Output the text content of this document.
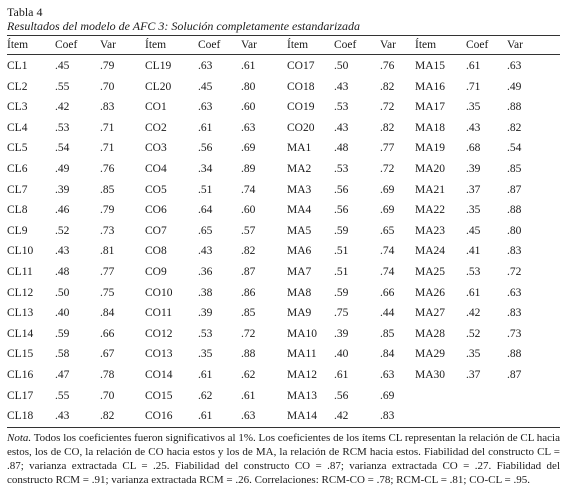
Tabla 4
Resultados del modelo de AFC 3: Solución completamente estandarizada
Ítem	Coef	Var	Ítem	Coef	Var	Ítem	Coef	Var	Ítem	Coef	Var
CL1	.45	.79	CL19	.63	.61	CO17	.50	.76	MA15	.61	.63
CL2	.55	.70	CL20	.45	.80	CO18	.43	.82	MA16	.71	.49
CL3	.42	.83	CO1	.63	.60	CO19	.53	.72	MA17	.35	.88
CL4	.53	.71	CO2	.61	.63	CO20	.43	.82	MA18	.43	.82
CL5	.54	.71	CO3	.56	.69	MA1	.48	.77	MA19	.68	.54
CL6	.49	.76	CO4	.34	.89	MA2	.53	.72	MA20	.39	.85
CL7	.39	.85	CO5	.51	.74	MA3	.56	.69	MA21	.37	.87
CL8	.46	.79	CO6	.64	.60	MA4	.56	.69	MA22	.35	.88
CL9	.52	.73	CO7	.65	.57	MA5	.59	.65	MA23	.45	.80
CL10	.43	.81	CO8	.43	.82	MA6	.51	.74	MA24	.41	.83
CL11	.48	.77	CO9	.36	.87	MA7	.51	.74	MA25	.53	.72
CL12	.50	.75	CO10	.38	.86	MA8	.59	.66	MA26	.61	.63
CL13	.40	.84	CO11	.39	.85	MA9	.75	.44	MA27	.42	.83
CL14	.59	.66	CO12	.53	.72	MA10	.39	.85	MA28	.52	.73
CL15	.58	.67	CO13	.35	.88	MA11	.40	.84	MA29	.35	.88
CL16	.47	.78	CO14	.61	.62	MA12	.61	.63	MA30	.37	.87
CL17	.55	.70	CO15	.62	.61	MA13	.56	.69			
CL18	.43	.82	CO16	.61	.63	MA14	.42	.83			
Nota. Todos los coeficientes fueron significativos al 1%. Los coeficientes de los ítems CL representan la relación de CL hacia estos, los de CO, la relación de CO hacia estos y los de MA, la relación de RCM hacia estos. Fiabilidad del constructo CL = .87; varianza extractada CL = .25. Fiabilidad del constructo CO = .87; varianza extractada CO = .27. Fiabilidad del constructo RCM = .91; varianza extractada RCM = .26. Correlaciones: RCM-CO = .78; RCM-CL = .81; CO-CL = .95.
